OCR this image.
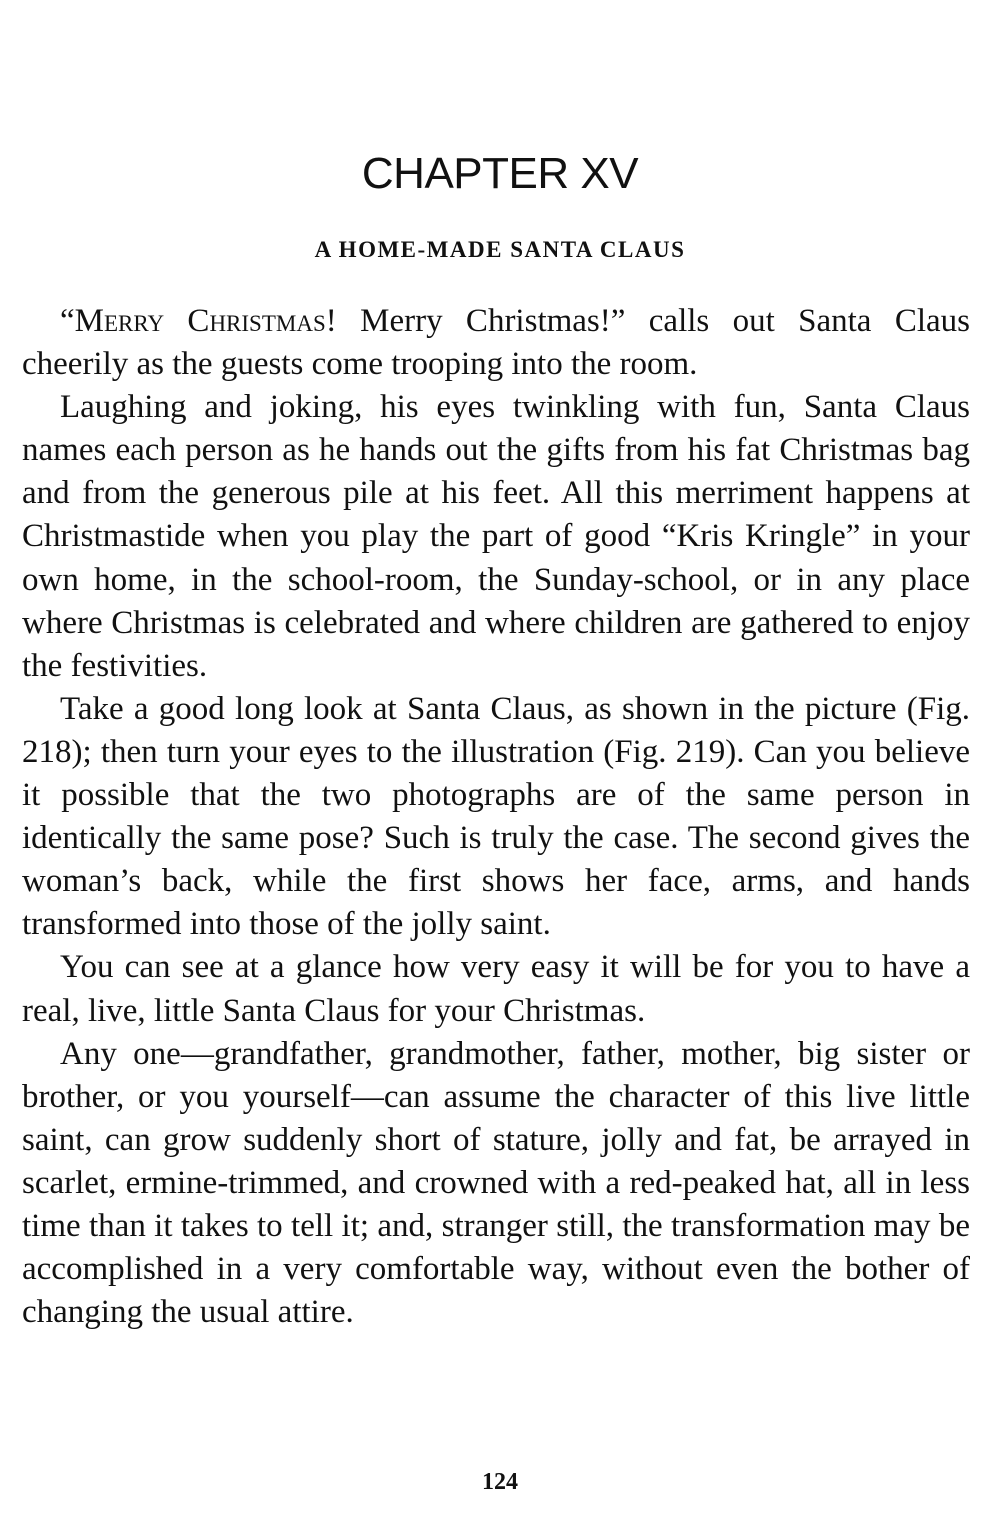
CHAPTER XV
A HOME-MADE SANTA CLAUS

“Merry Christmas! Merry Christmas!” calls out Santa Claus cheerily as the guests come trooping into the room.

Laughing and joking, his eyes twinkling with fun, Santa Claus names each person as he hands out the gifts from his fat Christmas bag and from the generous pile at his feet. All this merriment happens at Christmastide when you play the part of good “Kris Kringle” in your own home, in the school-room, the Sunday-school, or in any place where Christmas is celebrated and where children are gathered to enjoy the festivities.

Take a good long look at Santa Claus, as shown in the picture (Fig. 218); then turn your eyes to the illustration (Fig. 219). Can you believe it possible that the two photographs are of the same person in identically the same pose? Such is truly the case. The second gives the woman’s back, while the first shows her face, arms, and hands transformed into those of the jolly saint.

You can see at a glance how very easy it will be for you to have a real, live, little Santa Claus for your Christmas.

Any one—grandfather, grandmother, father, mother, big sister or brother, or you yourself—can assume the character of this live little saint, can grow suddenly short of stature, jolly and fat, be arrayed in scarlet, ermine-trimmed, and crowned with a red-peaked hat, all in less time than it takes to tell it; and, stranger still, the transformation may be accomplished in a very comfortable way, without even the bother of changing the usual attire.

124
